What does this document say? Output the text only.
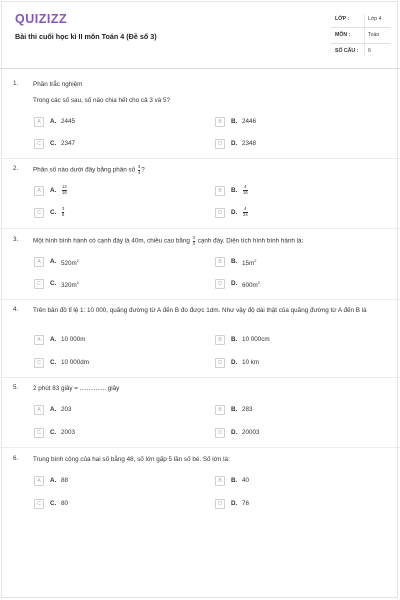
QUIZIZZ
Bài thi cuối học kì II môn Toán 4 (Đề số 3)
LỚP :	Lớp 4
MÔN :	Toán
SỐ CÂU : 6
1. Phần trắc nghiệm
Trong các số sau, số nào chia hết cho cả 3 và 5?
A	A. 2445	B	B. 2446
C	C. 2347	D	D. 2348
2. Phân số nào dưới đây bằng phân số $\frac{3}{4}$ ?
A	A. $\frac{12}{16}$	B	B. $\frac{4}{16}$
C	C. $\frac{3}{8}$	D	D. $\frac{4}{24}$
3. Một hình bình hành có cạnh đáy là 40m, chiều cao bằng $\frac{3}{4}$ cạnh đáy. Diện tích hình bình hành là:
A	A. $520m^2$	B	B. $15m^2$
C	C. $320m^2$	D	D. $600m^2$
4. Trên bản đồ tỉ lệ 1: 10 000, quãng đường từ A đến B đo được 1dm. Như vậy độ dài thật của quãng đường từ A đến B là
A	A. 10 000m	B	B. 10 000cm
C	C. 10 000dm	D	D. 10 km
5. 2 phút 83 giây = ............... giây
A	A. 203	B	B. 283
C	C. 2003	D	D. 20003
6. Trung bình cộng của hai số bằng 48, số lớn gấp 5 lần số bé. Số lớn là:
A	A. 88	B	B. 40
C	C. 80	D	D. 76
